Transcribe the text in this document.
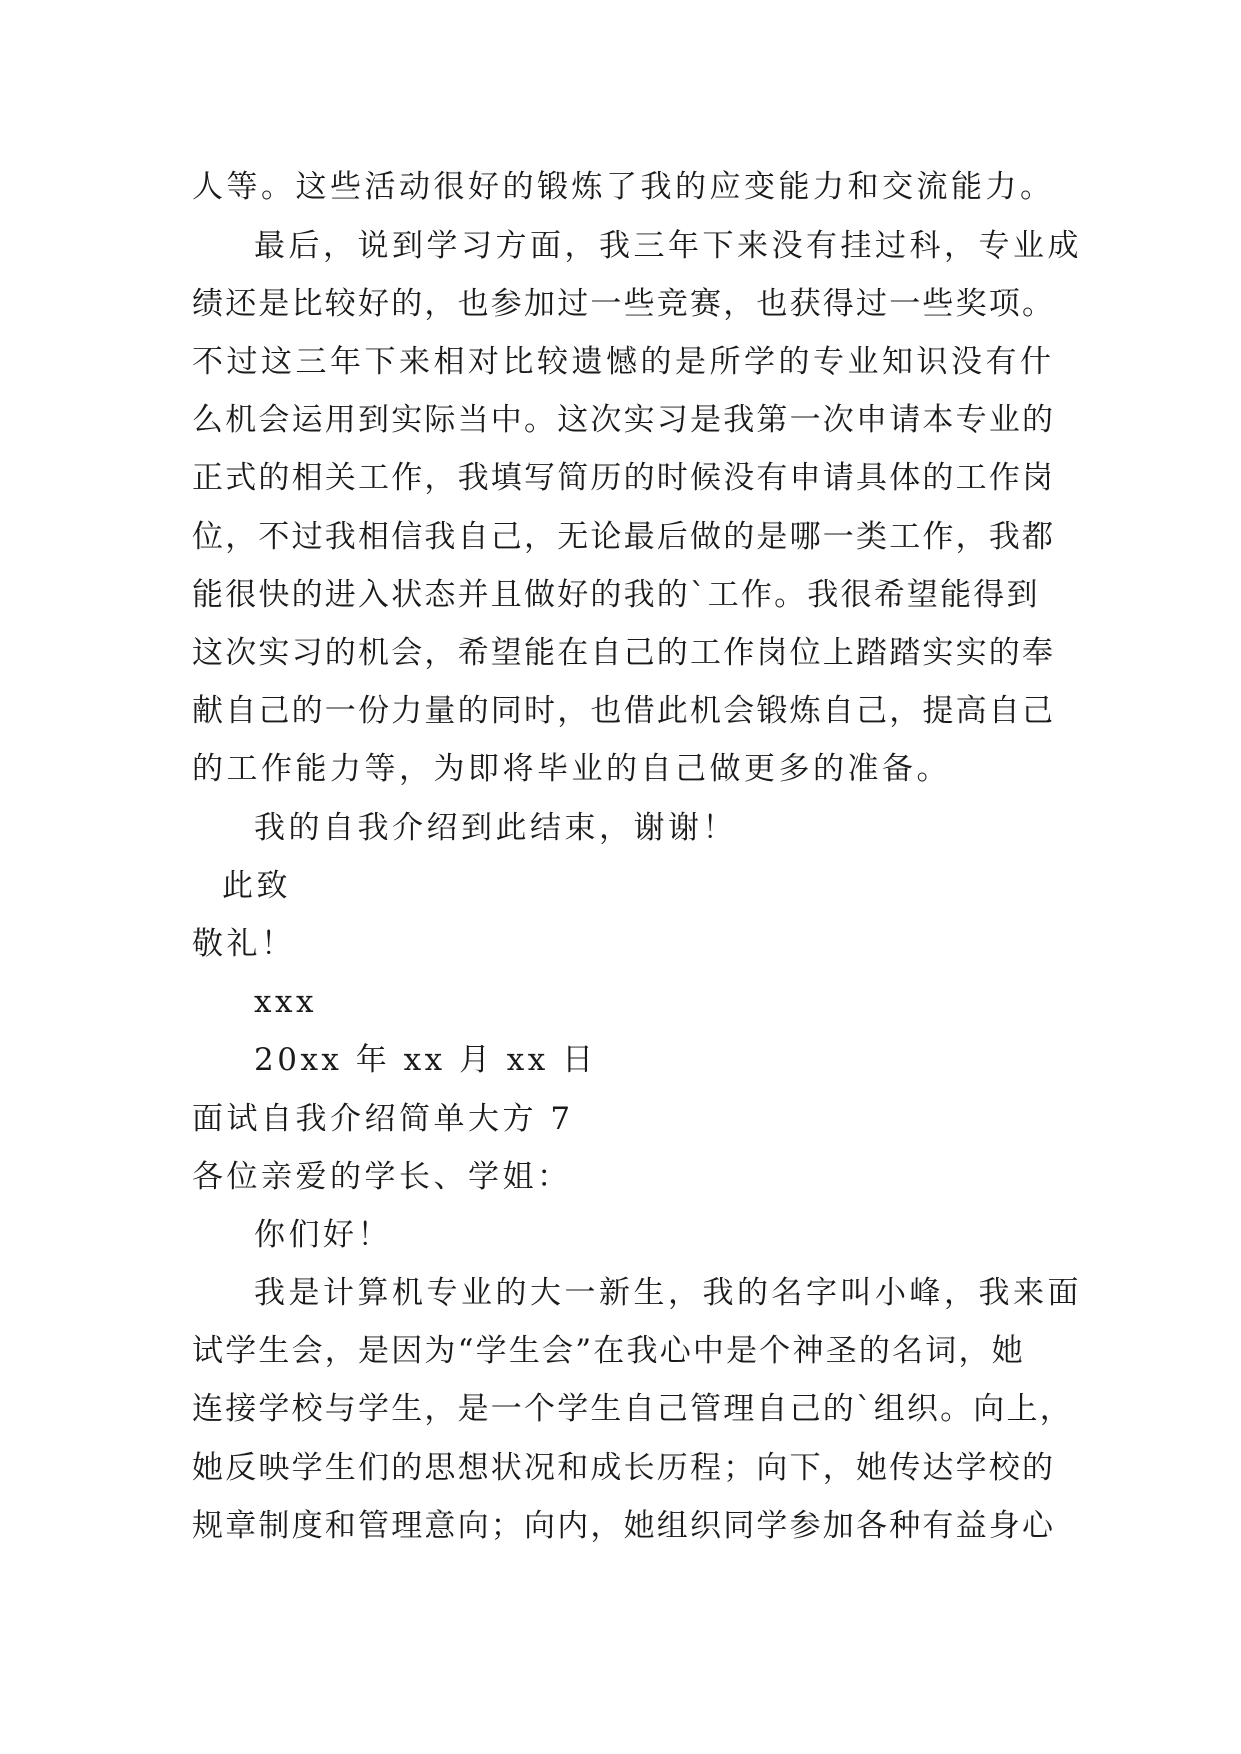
人等。这些活动很好的锻炼了我的应变能力和交流能力。
最后，说到学习方面，我三年下来没有挂过科，专业成
绩还是比较好的，也参加过一些竞赛，也获得过一些奖项。
不过这三年下来相对比较遗憾的是所学的专业知识没有什
么机会运用到实际当中。这次实习是我第一次申请本专业的
正式的相关工作，我填写简历的时候没有申请具体的工作岗
位，不过我相信我自己，无论最后做的是哪一类工作，我都
能很快的进入状态并且做好的我的`工作。我很希望能得到
这次实习的机会，希望能在自己的工作岗位上踏踏实实的奉
献自己的一份力量的同时，也借此机会锻炼自己，提高自己
的工作能力等，为即将毕业的自己做更多的准备。
我的自我介绍到此结束，谢谢！
此致
敬礼！
xxx
20xx 年 xx 月 xx 日
面试自我介绍简单大方 7
各位亲爱的学长、学姐：
你们好！
我是计算机专业的大一新生，我的名字叫小峰，我来面
试学生会，是因为“学生会”在我心中是个神圣的名词，她
连接学校与学生，是一个学生自己管理自己的`组织。向上，
她反映学生们的思想状况和成长历程；向下，她传达学校的
规章制度和管理意向；向内，她组织同学参加各种有益身心
